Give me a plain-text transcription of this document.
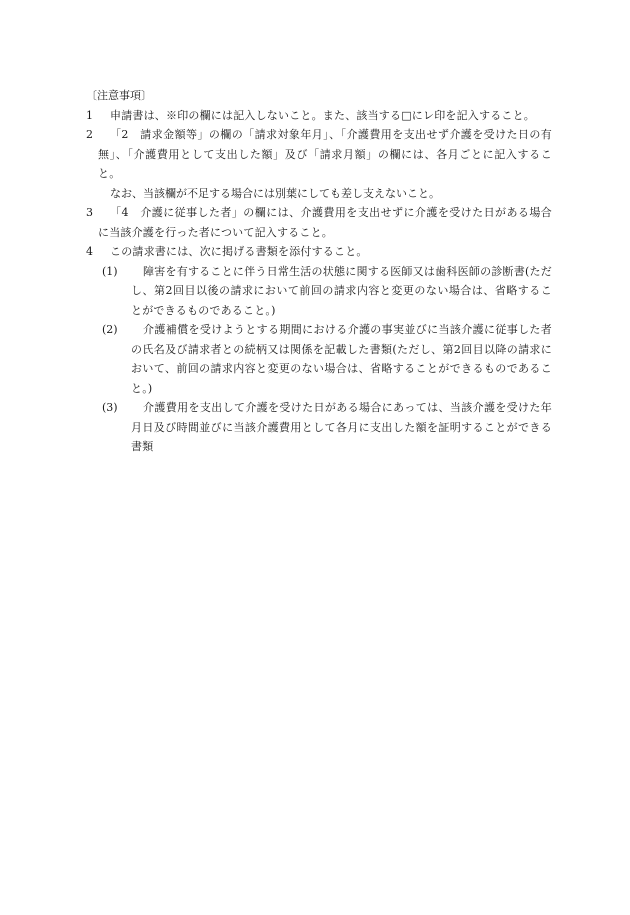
〔注意事項〕
1	申請書は、※印の欄には記入しないこと。また、該当する□にレ印を記入すること。
2	「2　請求金額等」の欄の「請求対象年月」、「介護費用を支出せず介護を受けた日の有無」、「介護費用として支出した額」及び「請求月額」の欄には、各月ごとに記入すること。
なお、当該欄が不足する場合には別葉にしても差し支えないこと。
3	「4　介護に従事した者」の欄には、介護費用を支出せずに介護を受けた日がある場合に当該介護を行った者について記入すること。
4	この請求書には、次に掲げる書類を添付すること。
(1)	障害を有することに伴う日常生活の状態に関する医師又は歯科医師の診断書(ただし、第2回目以後の請求において前回の請求内容と変更のない場合は、省略することができるものであること。)
(2)	介護補償を受けようとする期間における介護の事実並びに当該介護に従事した者の氏名及び請求者との続柄又は関係を記載した書類(ただし、第2回目以降の請求において、前回の請求内容と変更のない場合は、省略することができるものであること。)
(3)	介護費用を支出して介護を受けた日がある場合にあっては、当該介護を受けた年月日及び時間並びに当該介護費用として各月に支出した額を証明することができる書類
